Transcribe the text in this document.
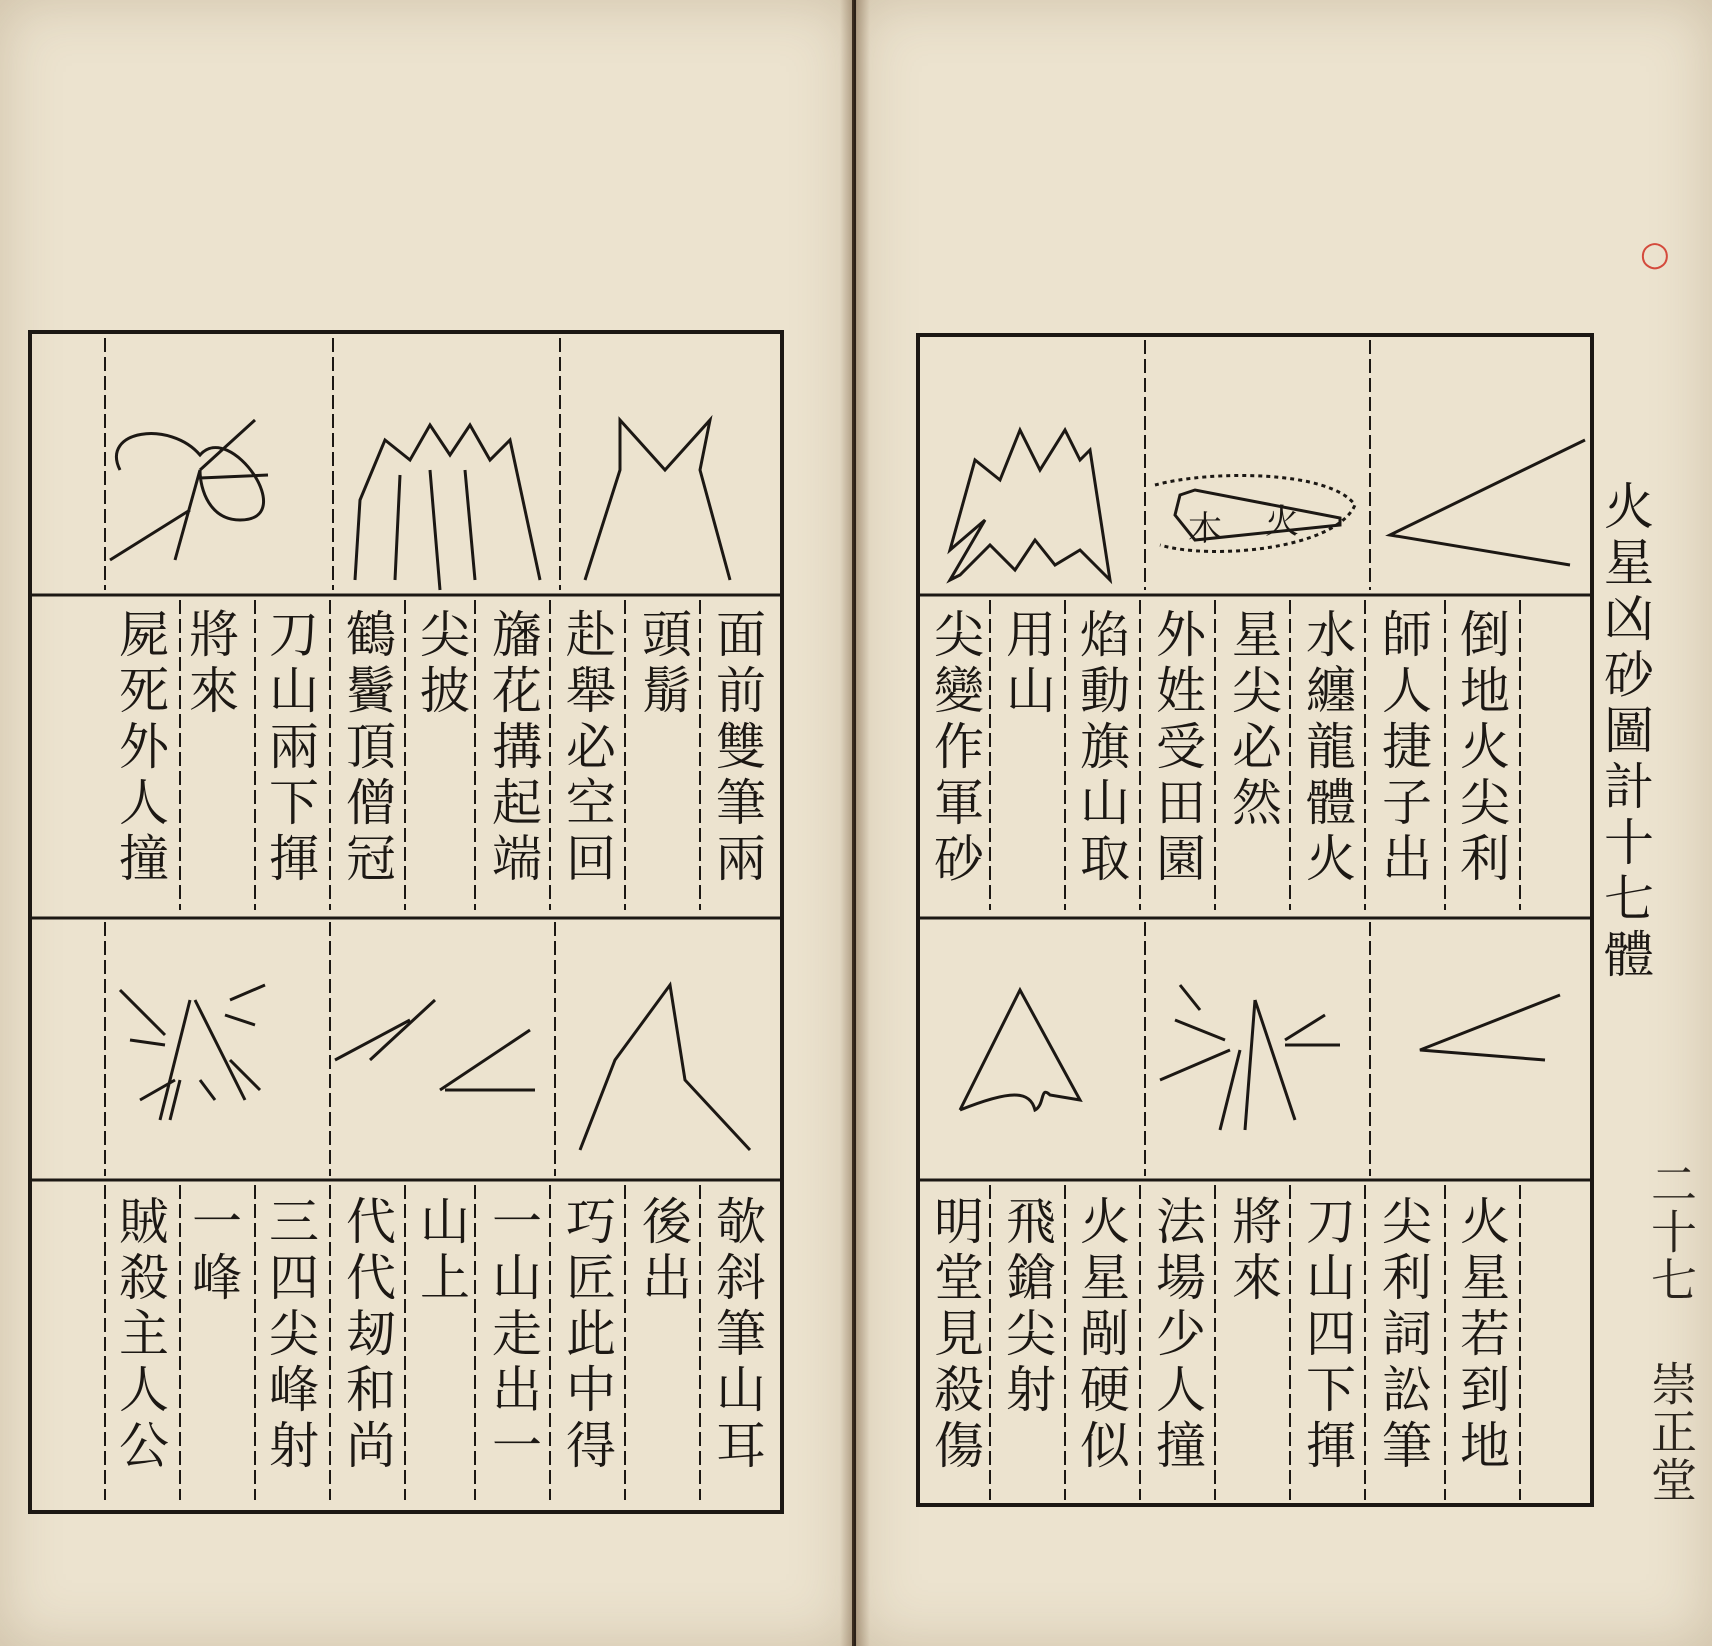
木 火
○
火星凶砂圖計十七體
將來
屍死外人撞 刀山兩下揮 鶴鬢頂僧冠 尖披 旛花搆起端 赴舉必空回 頭鬅 面前雙筆兩
一峰
賊殺主人公 三四尖峰射 代代刼和尚 山上 一山走出一 巧匠此中得 後出 欹斜筆山耳
尖變作軍砂 用山 焰動旗山取 外姓受田園 星尖必然 水纏龍體火 師人捷子出 倒地火尖利
明堂見殺傷 飛鎗尖射 火星剮硬似 法場少人撞 將來 刀山四下揮 尖利詞訟筆 火星若到地	二十七
崇正堂
